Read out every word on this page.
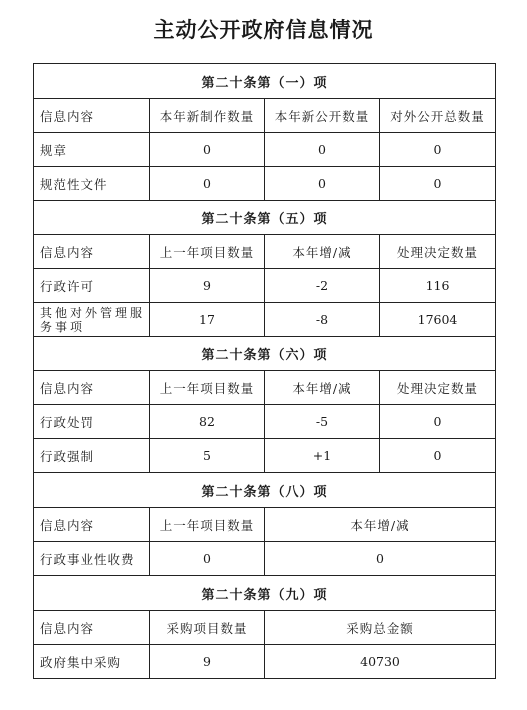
主动公开政府信息情况
第二十条第（一）项			
信息内容	本年新制作数量	本年新公开数量	对外公开总数量
规章	0	0	0
规范性文件	0	0	0
第二十条第（五）项			
信息内容	上一年项目数量	本年增/减	处理决定数量
行政许可	9	-2	116
其他对外管理服务事项	17	-8	17604
第二十条第（六）项			
信息内容	上一年项目数量	本年增/减	处理决定数量
行政处罚	82	-5	0
行政强制	5	+1	0
第二十条第（八）项			
信息内容	上一年项目数量	本年增/减	
行政事业性收费	0	0	
第二十条第（九）项			
信息内容	采购项目数量	采购总金额	
政府集中采购	9	40730	
